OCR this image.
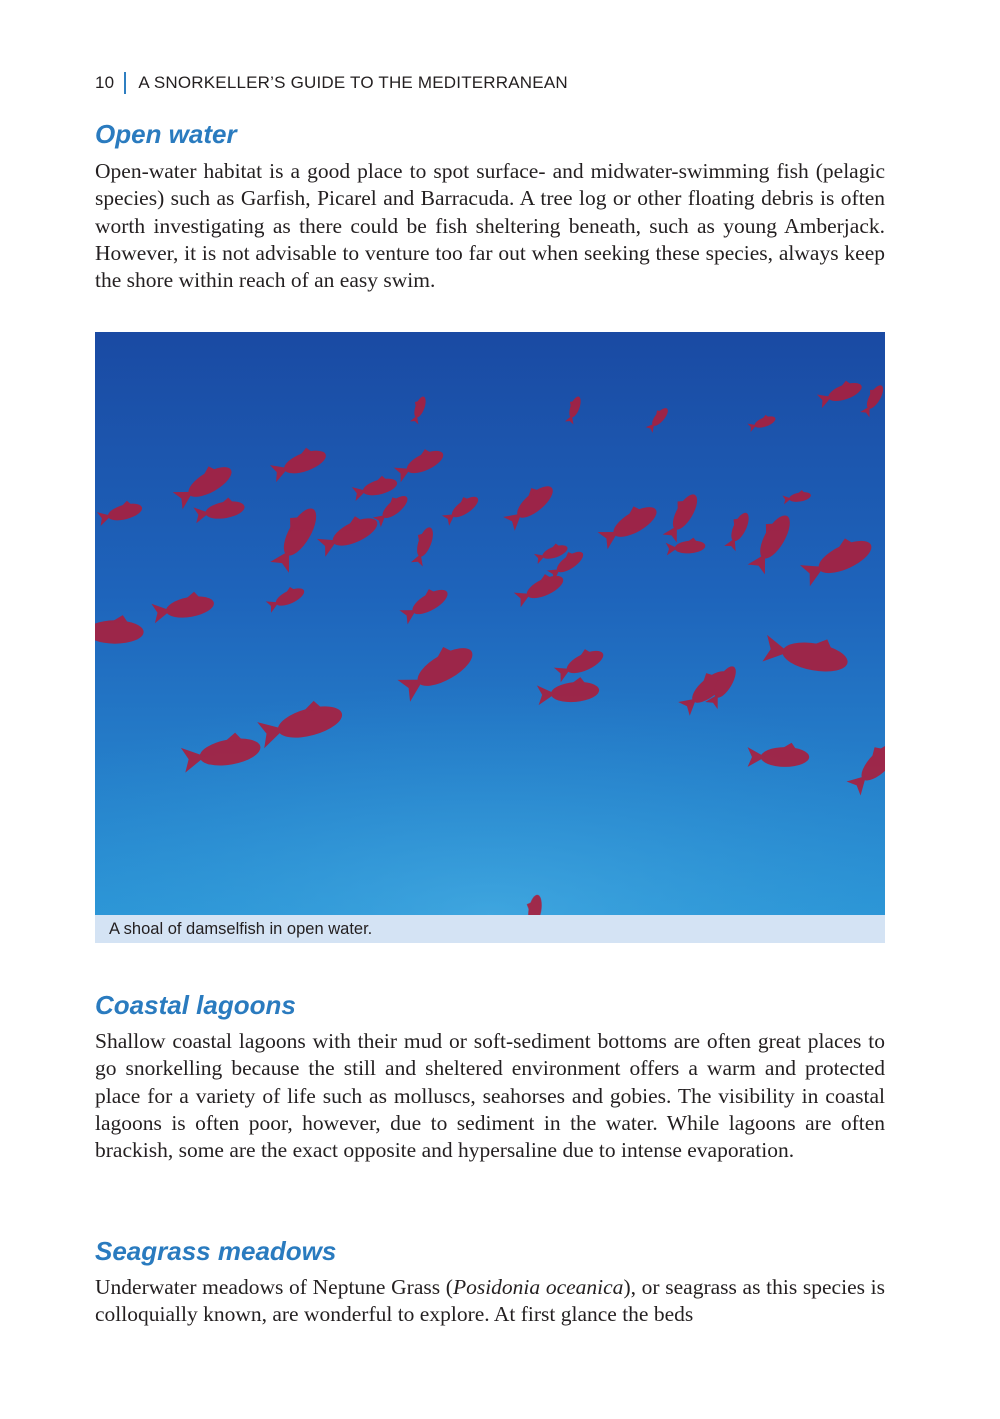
10 A SNORKELLER’S GUIDE TO THE MEDITERRANEAN
Open water

Open-water habitat is a good place to spot surface- and midwater-swimming fish (pelagic species) such as Garfish, Picarel and Barracuda. A tree log or other floating debris is often worth investigating as there could be fish sheltering beneath, such as young Amberjack. However, it is not advisable to venture too far out when seeking these species, always keep the shore within reach of an easy swim.

A shoal of damselfish in open water.
Coastal lagoons

Shallow coastal lagoons with their mud or soft-sediment bottoms are often great places to go snorkelling because the still and sheltered environment offers a warm and protected place for a variety of life such as molluscs, seahorses and gobies. The visibility in coastal lagoons is often poor, however, due to sediment in the water. While lagoons are often brackish, some are the exact opposite and hypersaline due to intense evaporation.

Seagrass meadows

Underwater meadows of Neptune Grass (Posidonia oceanica), or seagrass as this species is colloquially known, are wonderful to explore. At first glance the beds
